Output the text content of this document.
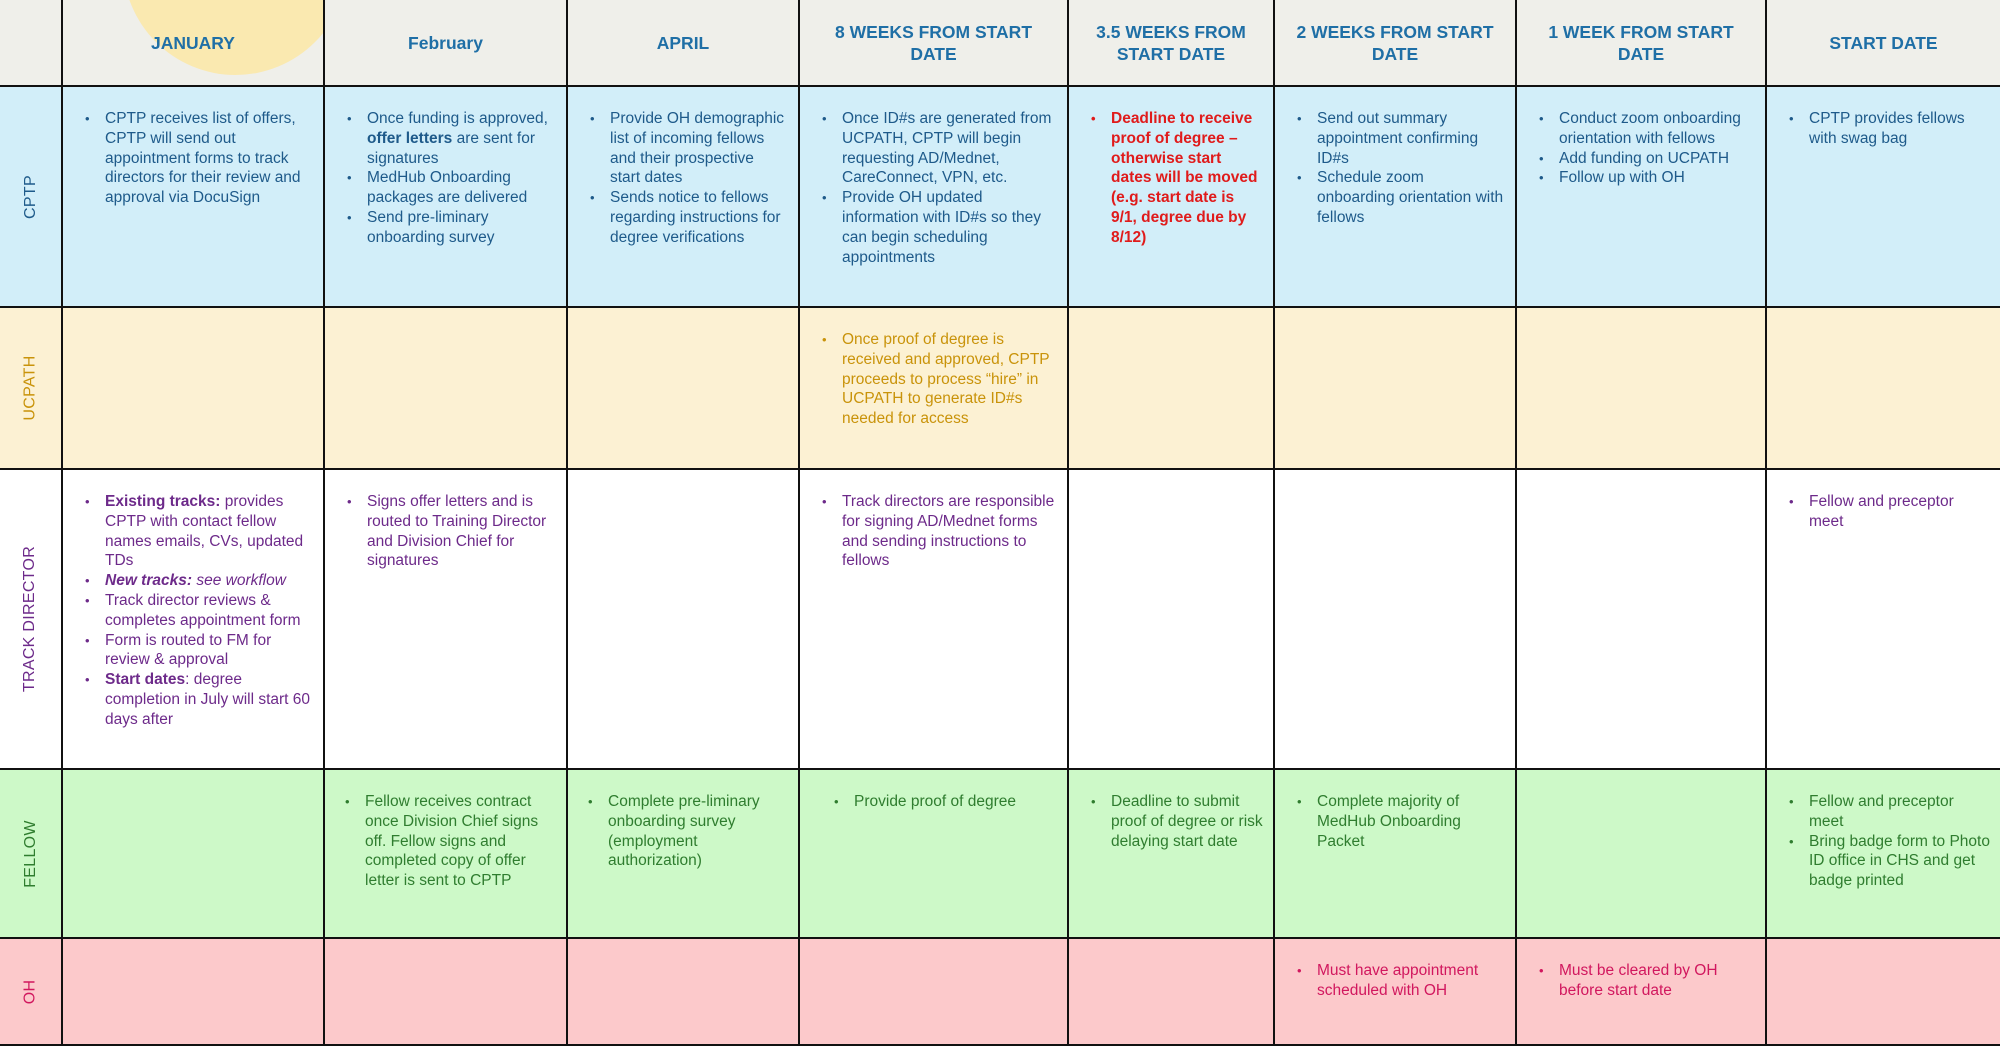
JANUARY	February	APRIL
8 WEEKS FROM START DATE
3.5 WEEKS FROM START DATE
2 WEEKS FROM START DATE
1 WEEK FROM START DATE
START DATE
CPTP
• CPTP receives list of offers, CPTP will send out appointment forms to track directors for their review and approval via DocuSign
• Once funding is approved, offer letters are sent for signatures
• MedHub Onboarding packages are delivered
• Send pre-liminary onboarding survey
• Provide OH demographic list of incoming fellows and their prospective start dates
• Sends notice to fellows regarding instructions for degree verifications
• Once ID#s are generated from UCPATH, CPTP will begin requesting AD/Mednet, CareConnect, VPN, etc.
• Provide OH updated information with ID#s so they can begin scheduling appointments
• Deadline to receive proof of degree – otherwise start dates will be moved (e.g. start date is 9/1, degree due by 8/12)
• Send out summary appointment confirming ID#s
• Schedule zoom onboarding orientation with fellows
• Conduct zoom onboarding orientation with fellows
• Add funding on UCPATH
• Follow up with OH
• CPTP provides fellows with swag bag
UCPATH
• Once proof of degree is received and approved, CPTP proceeds to process “hire” in UCPATH to generate ID#s needed for access
TRACK DIRECTOR
• Existing tracks: provides CPTP with contact fellow names emails, CVs, updated TDs
• New tracks: see workflow
• Track director reviews & completes appointment form
• Form is routed to FM for review & approval
• Start dates: degree completion in July will start 60 days after
• Signs offer letters and is routed to Training Director and Division Chief for signatures
• Track directors are responsible for signing AD/Mednet forms and sending instructions to fellows
• Fellow and preceptor meet
FELLOW
• Fellow receives contract once Division Chief signs off. Fellow signs and completed copy of offer letter is sent to CPTP
• Complete pre-liminary onboarding survey (employment authorization)
• Provide proof of degree
•	Deadline to submit proof of degree or risk delaying start date
• Complete majority of MedHub Onboarding Packet
• Fellow and preceptor meet
• Bring badge form to Photo ID office in CHS and get badge printed
OH
• Must have appointment scheduled with OH
• Must be cleared by OH before start date
